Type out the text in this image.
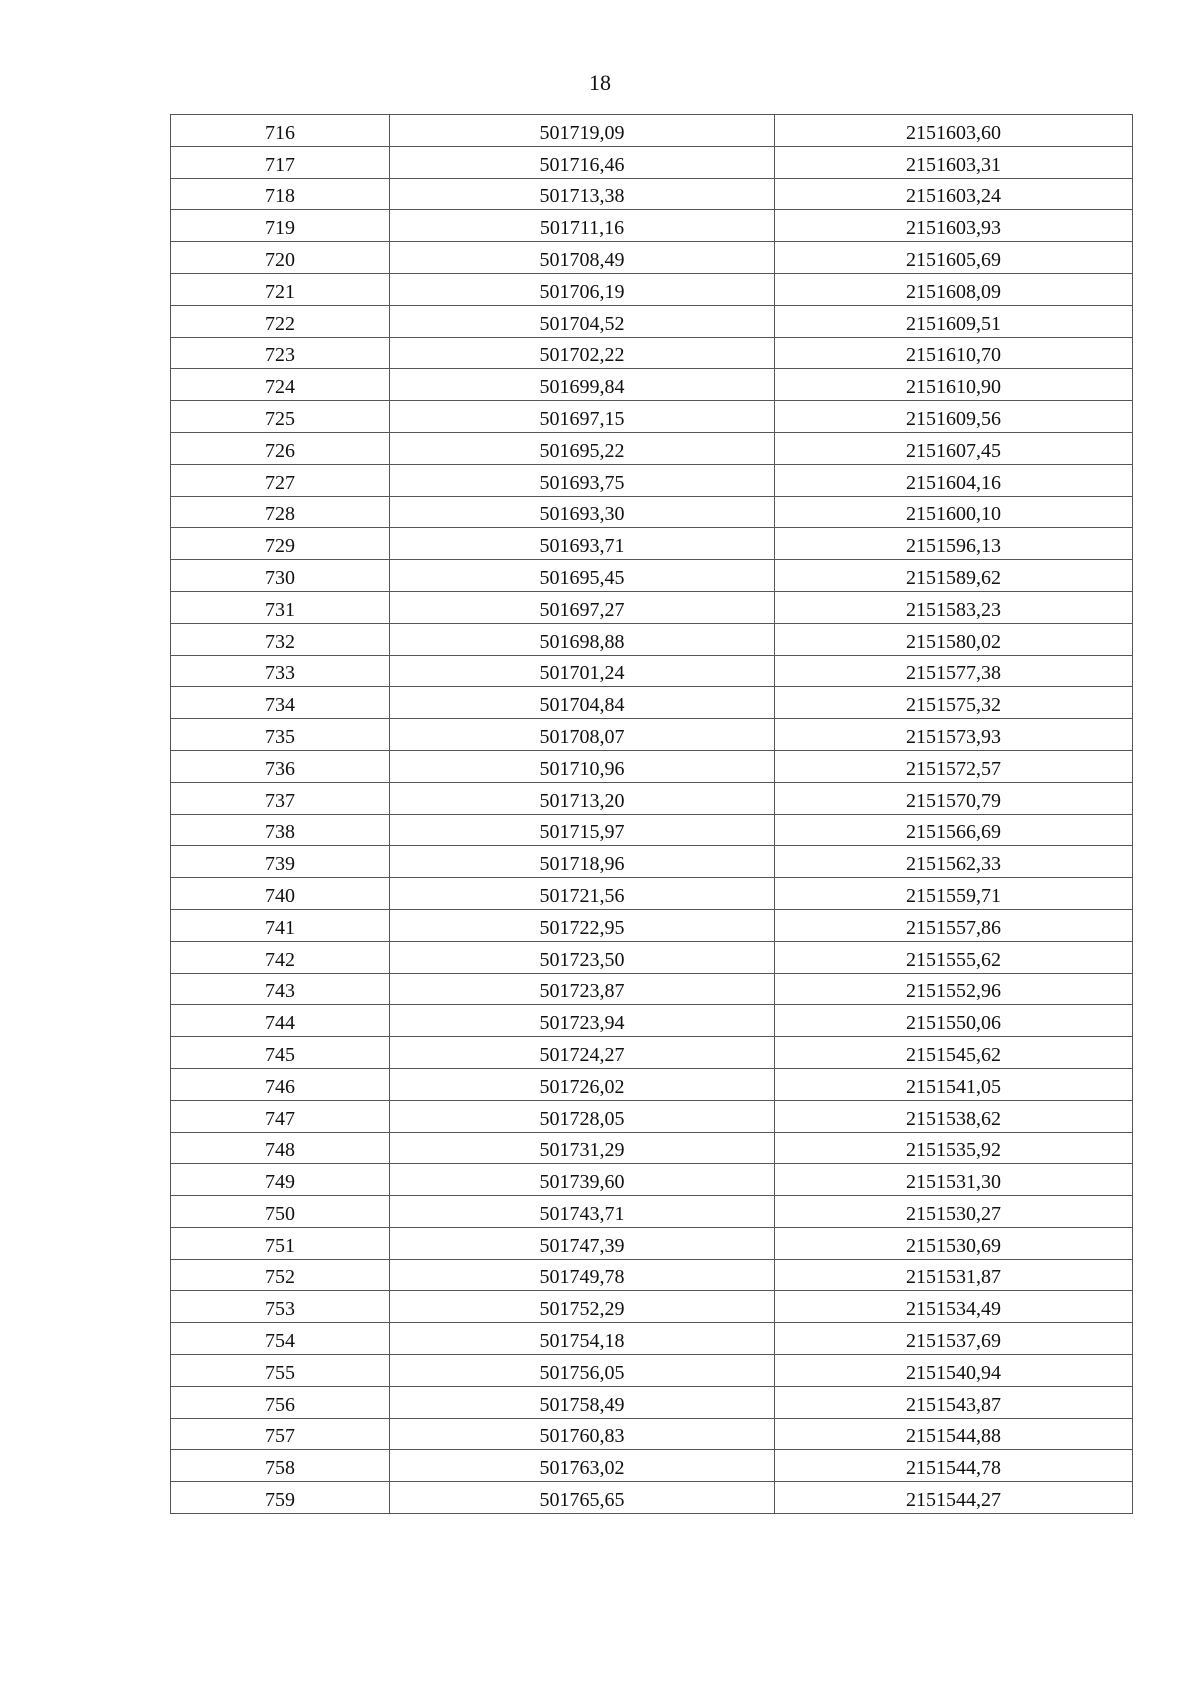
18
716	501719,09	2151603,60
717	501716,46	2151603,31
718	501713,38	2151603,24
719	501711,16	2151603,93
720	501708,49	2151605,69
721	501706,19	2151608,09
722	501704,52	2151609,51
723	501702,22	2151610,70
724	501699,84	2151610,90
725	501697,15	2151609,56
726	501695,22	2151607,45
727	501693,75	2151604,16
728	501693,30	2151600,10
729	501693,71	2151596,13
730	501695,45	2151589,62
731	501697,27	2151583,23
732	501698,88	2151580,02
733	501701,24	2151577,38
734	501704,84	2151575,32
735	501708,07	2151573,93
736	501710,96	2151572,57
737	501713,20	2151570,79
738	501715,97	2151566,69
739	501718,96	2151562,33
740	501721,56	2151559,71
741	501722,95	2151557,86
742	501723,50	2151555,62
743	501723,87	2151552,96
744	501723,94	2151550,06
745	501724,27	2151545,62
746	501726,02	2151541,05
747	501728,05	2151538,62
748	501731,29	2151535,92
749	501739,60	2151531,30
750	501743,71	2151530,27
751	501747,39	2151530,69
752	501749,78	2151531,87
753	501752,29	2151534,49
754	501754,18	2151537,69
755	501756,05	2151540,94
756	501758,49	2151543,87
757	501760,83	2151544,88
758	501763,02	2151544,78
759	501765,65	2151544,27
